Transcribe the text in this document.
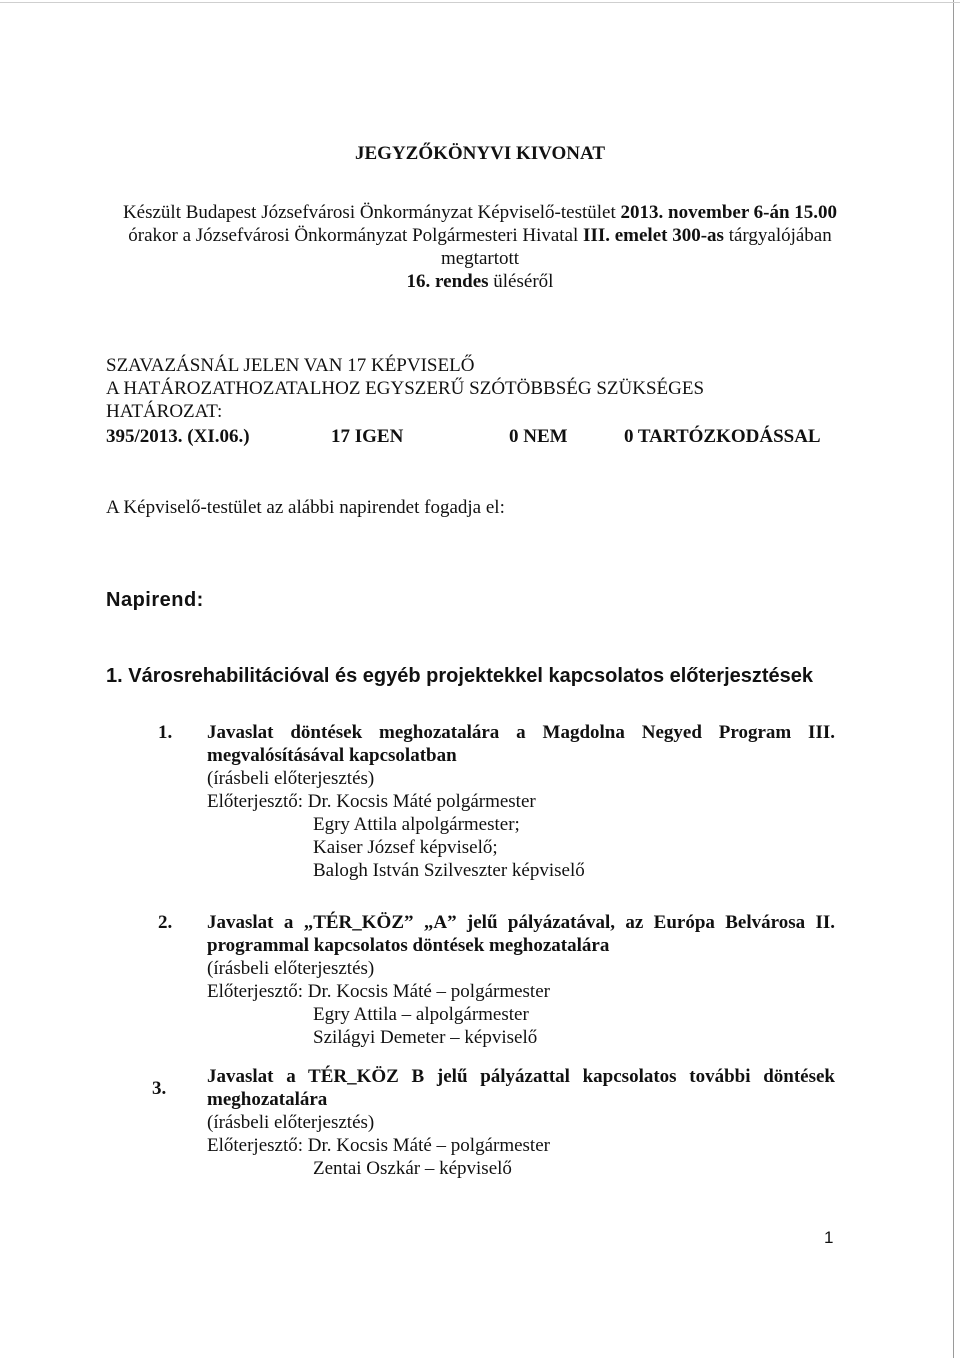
JEGYZŐKÖNYVI KIVONAT
Készült Budapest Józsefvárosi Önkormányzat Képviselő-testület 2013. november 6-án 15.00
órakor a Józsefvárosi Önkormányzat Polgármesteri Hivatal III. emelet 300-as tárgyalójában
megtartott
16. rendes üléséről
SZAVAZÁSNÁL JELEN VAN 17 KÉPVISELŐ
A HATÁROZATHOZATALHOZ EGYSZERŰ SZÓTÖBBSÉG SZÜKSÉGES
HATÁROZAT:
395/2013. (XI.06.)	17 IGEN	0 NEM	0 TARTÓZKODÁSSAL
A Képviselő-testület az alábbi napirendet fogadja el:
Napirend:
1. Városrehabilitációval és egyéb projektekkel kapcsolatos előterjesztések
1. Javaslat döntések meghozatalára a Magdolna Negyed Program III.
megvalósításával kapcsolatban
(írásbeli előterjesztés)
Előterjesztő: Dr. Kocsis Máté polgármester
Egry Attila alpolgármester;
Kaiser József képviselő;
Balogh István Szilveszter képviselő
2. Javaslat a „TÉR_KÖZ” „A” jelű pályázatával, az Európa Belvárosa II.
programmal kapcsolatos döntések meghozatalára
(írásbeli előterjesztés)
Előterjesztő: Dr. Kocsis Máté – polgármester
Egry Attila – alpolgármester
Szilágyi Demeter – képviselő
3.
Javaslat a TÉR_KÖZ B jelű pályázattal kapcsolatos további döntések
meghozatalára
(írásbeli előterjesztés)
Előterjesztő: Dr. Kocsis Máté – polgármester
Zentai Oszkár – képviselő
1
